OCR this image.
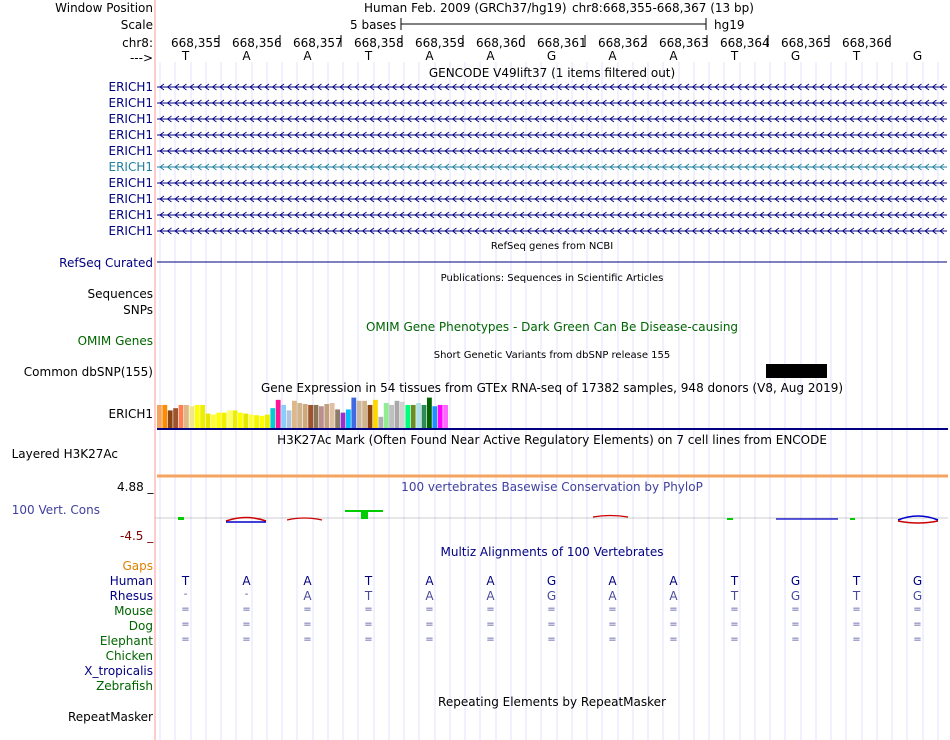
Window Position
Scale
chr8:
--->
Human Feb. 2009 (GRCh37/hg19) chr8:668,355-668,367 (13 bp)
5 bases	hg19
668,355 668,356 668,357 668,358 668,359 668,360 668,361 668,362 668,363 668,364 668,365 668,366
T	A	A	T	A	A	G	A	A	T	G	T	G
GENCODE V49lift37 (1 items filtered out)
ERICH1
ERICH1
ERICH1
ERICH1
ERICH1
ERICH1
ERICH1
ERICH1
ERICH1
ERICH1
RefSeq genes from NCBI
RefSeq Curated
Publications: Sequences in Scientific Articles
Sequences
SNPs
OMIM Gene Phenotypes - Dark Green Can Be Disease-causing
OMIM Genes
Short Genetic Variants from dbSNP release 155
Common dbSNP(155)
Gene Expression in 54 tissues from GTEx RNA-seq of 17382 samples, 948 donors (V8, Aug 2019)
ERICH1
H3K27Ac Mark (Often Found Near Active Regulatory Elements) on 7 cell lines from ENCODE
Layered H3K27Ac
4.88 _	100 vertebrates Basewise Conservation by PhyloP
100 Vert. Cons
-4.5 _
Multiz Alignments of 100 Vertebrates
Gaps
Human T	A	A	T	A	A	G	A	A	T	G	T	G
Rhesus	-	-	A	T	A	A	G	A	A	T	G	T	G
Mouse	=	=	=	=	=	=	=	=	=	=	=	=	=
Dog	=	=	=	=	=	=	=	=	=	=	=	=	=
Elephant	=	=	=	=	=	=	=	=	=	=	=	=	=
Chicken
X_tropicalis
Zebrafish
Repeating Elements by RepeatMasker
RepeatMasker
